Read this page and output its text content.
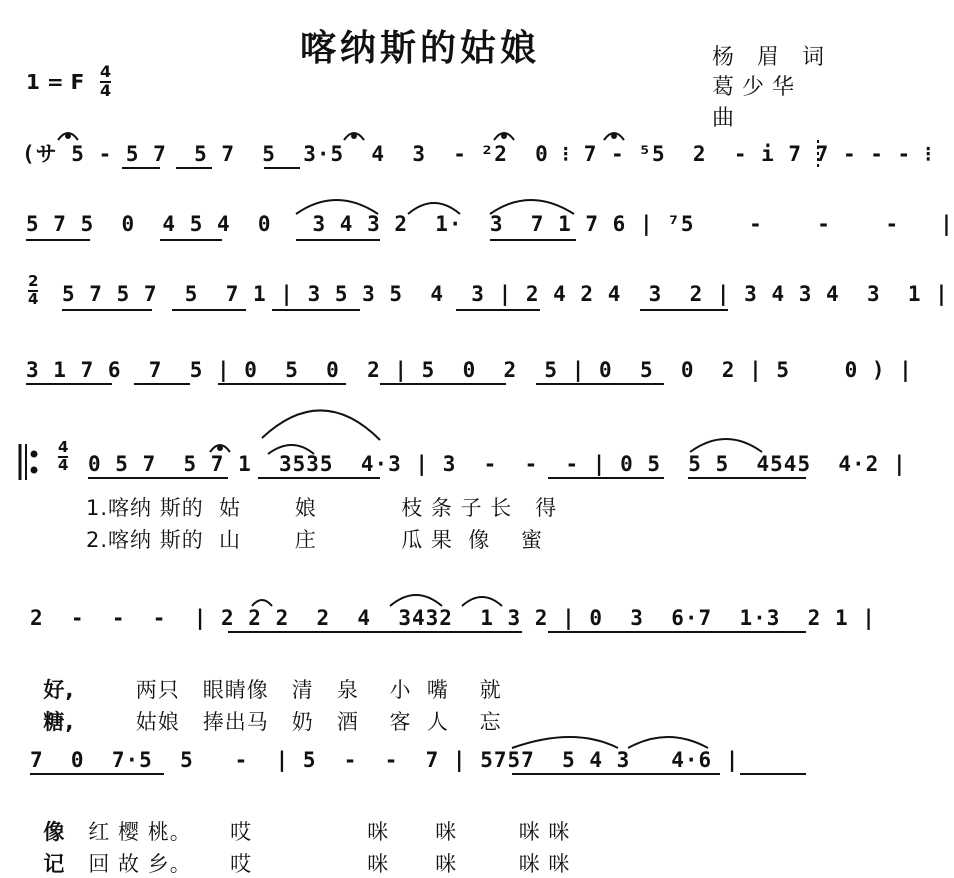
喀纳斯的姑娘	杨 眉 词
葛少华 曲
1 = F 4
4
(サ 5 - 5 7  5 7  5  3·5  4  3  - ²2  0 ⁝ 7 - ⁵5  2  - i 7 7 - - - ⁝
5 7 5  0  4 5 4  0   3 4 3 2  1·  3  7 1 7 6 | ⁷5    -    -    -   |
2
4 5 7 5 7  5  7 1 | 3 5 3 5  4  3 | 2 4 2 4  3  2 | 3 4 3 4  3  1 |
3 1 7 6  7  5 | 0  5  0  2 | 5  0  2  5 | 0  5  0  2 | 5    0 ) |
4
4 0 5 7  5 7 1  3535  4·3 | 3  -  -  - | 0 5  5 5  4545  4·2 |
1.喀纳 斯的  姑       娘           枝 条 子 长   得
2.喀纳 斯的  山       庄           瓜 果  像    蜜
2  -  -  -  | 2 2 2  2  4  3432  1 3 2 | 0  3  6·7  1·3  2 1 |

好,        两只   眼睛像   清   泉    小  嘴    就

糖,        姑娘   捧出马   奶   酒    客  人    忘

7  0  7·5  5   -  | 5  -  -  7 | 5757  5 4 3   4·6 |

像   红 樱 桃。     哎               咪      咪        咪 咪

记   回 故 乡。     哎               咪      咪        咪 咪
